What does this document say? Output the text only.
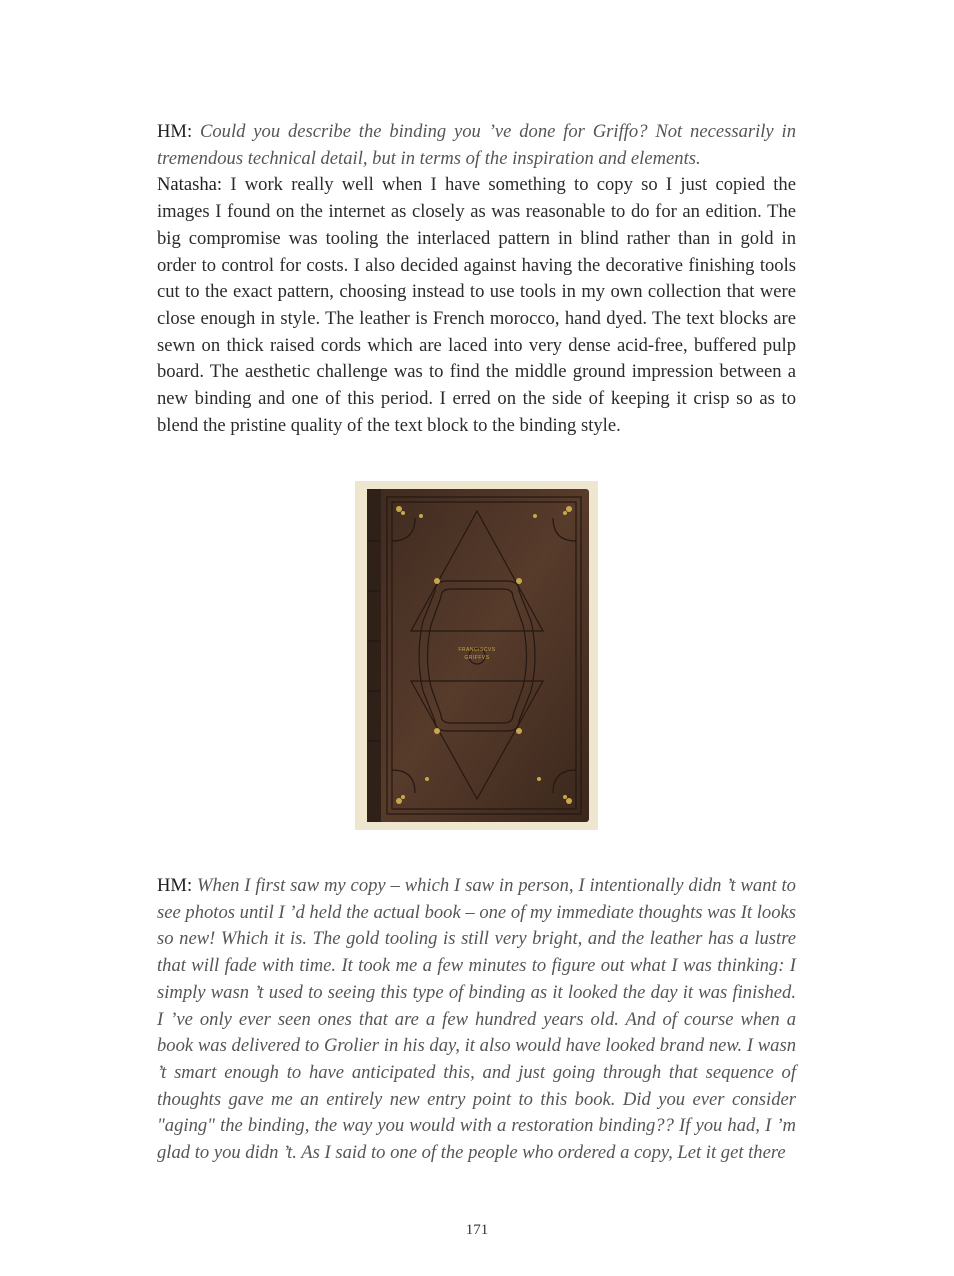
HM: Could you describe the binding you ’ve done for Griffo? Not necessarily in tremendous technical detail, but in terms of the inspiration and elements.

Natasha: I work really well when I have something to copy so I just copied the images I found on the internet as closely as was reasonable to do for an edition. The big compromise was tooling the interlaced pattern in blind rather than in gold in order to control for costs. I also decided against having the decorative finishing tools cut to the exact pattern, choosing instead to use tools in my own collection that were close enough in style. The leather is French morocco, hand dyed. The text blocks are sewn on thick raised cords which are laced into very dense acid-free, buffered pulp board. The aesthetic challenge was to find the middle ground impression between a new binding and one of this period. I erred on the side of keeping it crisp so as to blend the pristine quality of the text block to the binding style.

FRANCISCVS
GRIFFVS

HM: When I first saw my copy – which I saw in person, I intentionally didn ’t want to see photos until I ’d held the actual book – one of my immediate thoughts was It looks so new! Which it is. The gold tooling is still very bright, and the leather has a lustre that will fade with time. It took me a few minutes to figure out what I was thinking: I simply wasn ’t used to seeing this type of binding as it looked the day it was finished. I ’ve only ever seen ones that are a few hundred years old. And of course when a book was delivered to Grolier in his day, it also would have looked brand new. I wasn ’t smart enough to have anticipated this, and just going through that sequence of thoughts gave me an entirely new entry point to this book. Did you ever consider "aging" the binding, the way you would with a restoration binding?? If you had, I ’m glad to you didn ’t. As I said to one of the people who ordered a copy, Let it get there

171
